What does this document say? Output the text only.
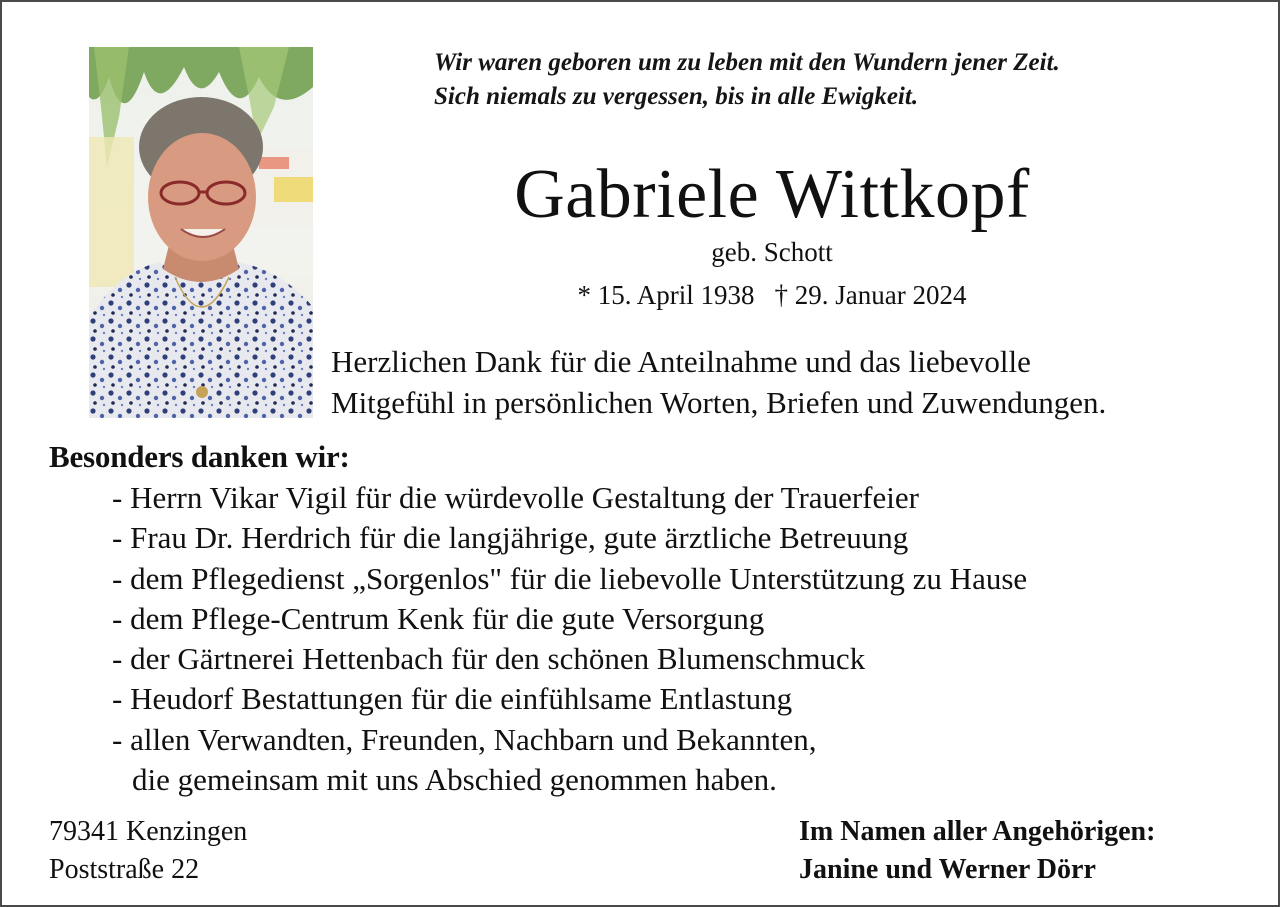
Wir waren geboren um zu leben mit den Wundern jener Zeit.
Sich niemals zu vergessen, bis in alle Ewigkeit.
Gabriele Wittkopf
geb. Schott
* 15. April 1938 † 29. Januar 2024
Herzlichen Dank für die Anteilnahme und das liebevolle
Mitgefühl in persönlichen Worten, Briefen und Zuwendungen.
Besonders danken wir:
- Herrn Vikar Vigil für die würdevolle Gestaltung der Trauerfeier
- Frau Dr. Herdrich für die langjährige, gute ärztliche Betreuung
- dem Pflegedienst „Sorgenlos" für die liebevolle Unterstützung zu Hause
- dem Pflege-Centrum Kenk für die gute Versorgung
- der Gärtnerei Hettenbach für den schönen Blumenschmuck
- Heudorf Bestattungen für die einfühlsame Entlastung
- allen Verwandten, Freunden, Nachbarn und Bekannten,
die gemeinsam mit uns Abschied genommen haben.
79341 Kenzingen
Poststraße 22
Im Namen aller Angehörigen:
Janine und Werner Dörr
